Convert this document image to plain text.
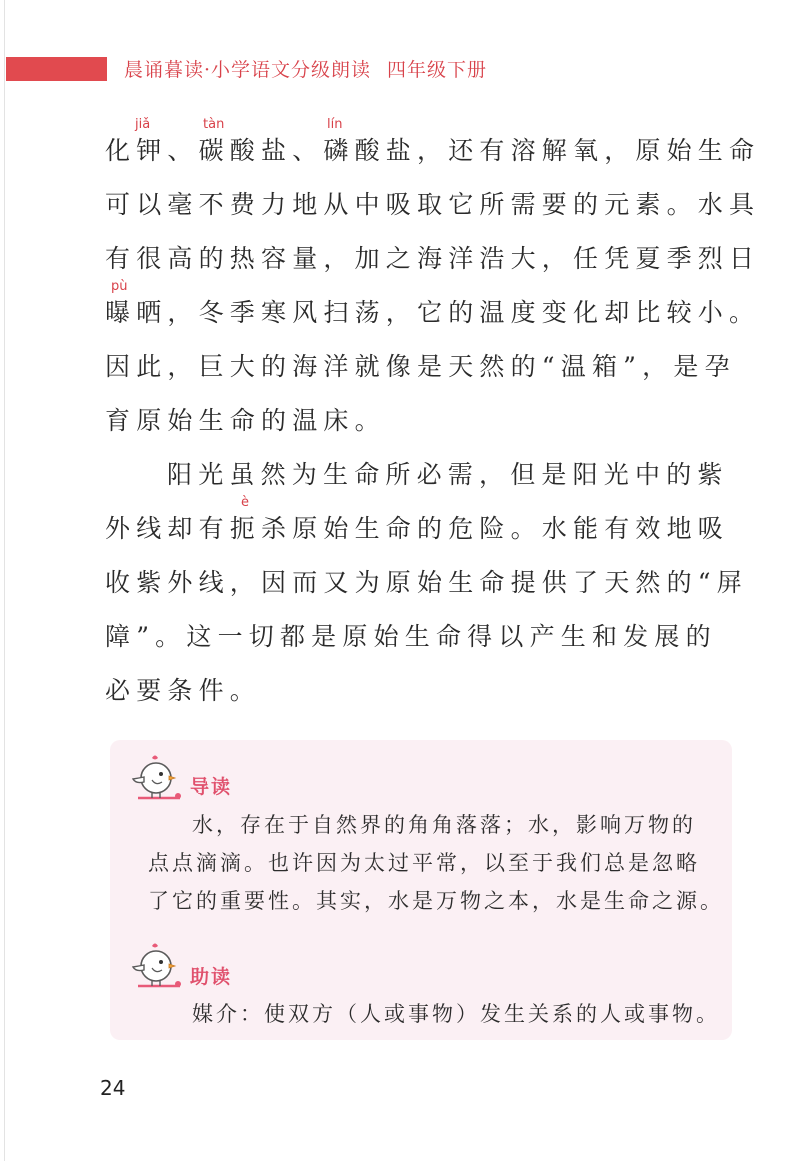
晨诵暮读·小学语文分级朗读 四年级下册
jiǎ	tàn	lín
化钾、碳酸盐、磷酸盐，还有溶解氧，原始生命
可以毫不费力地从中吸取它所需要的元素。水具
有很高的热容量，加之海洋浩大，任凭夏季烈日
pù
曝晒，冬季寒风扫荡，它的温度变化却比较小。
因此，巨大的海洋就像是天然的“温箱”，是孕
育原始生命的温床。
阳光虽然为生命所必需，但是阳光中的紫
è
外线却有扼杀原始生命的危险。水能有效地吸
收紫外线，因而又为原始生命提供了天然的“屏
障”。这一切都是原始生命得以产生和发展的
必要条件。
导读
水，存在于自然界的角角落落；水，影响万物的
点点滴滴。也许因为太过平常，以至于我们总是忽略
了它的重要性。其实，水是万物之本，水是生命之源。
助读
媒介：使双方（人或事物）发生关系的人或事物。
24
